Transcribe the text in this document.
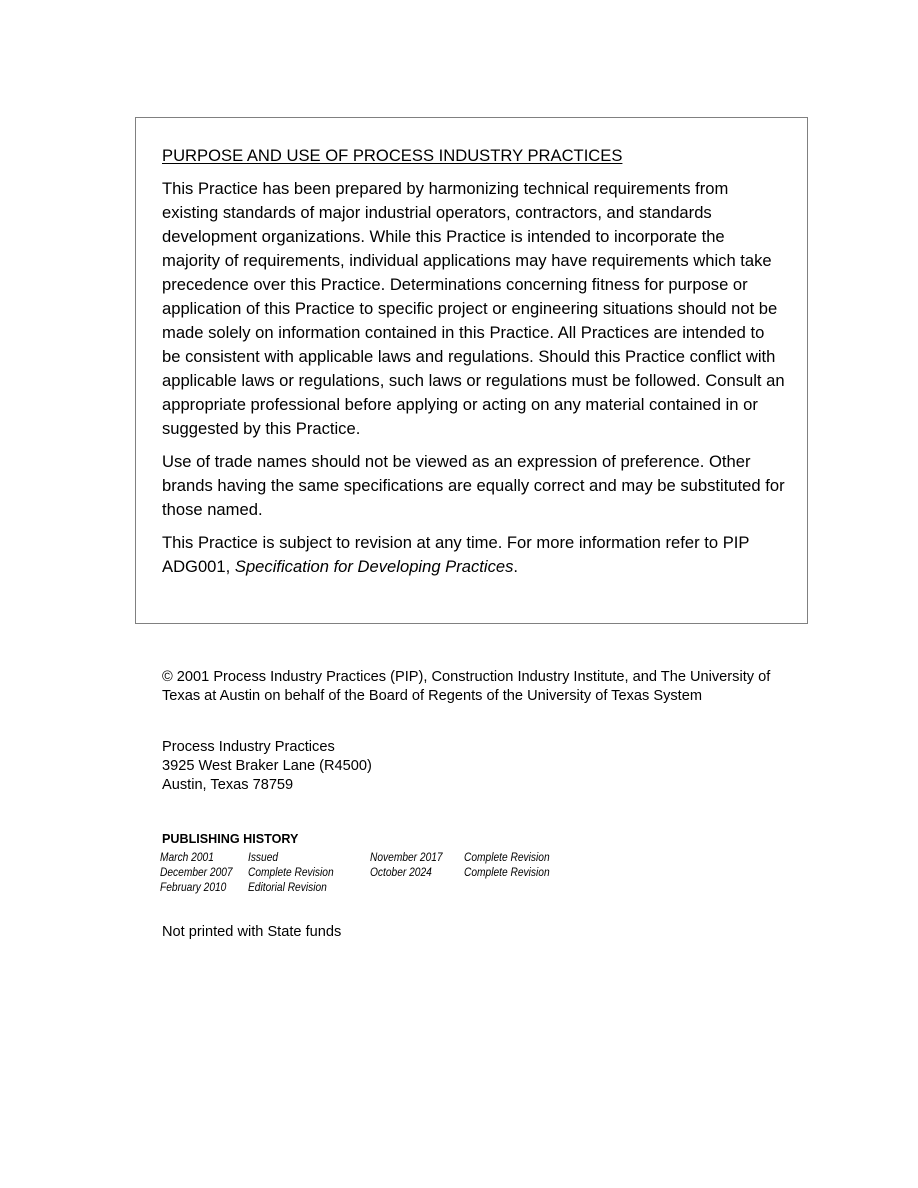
PURPOSE AND USE OF PROCESS INDUSTRY PRACTICES

This Practice has been prepared by harmonizing technical requirements from existing standards of major industrial operators, contractors, and standards development organizations. While this Practice is intended to incorporate the majority of requirements, individual applications may have requirements which take precedence over this Practice. Determinations concerning fitness for purpose or application of this Practice to specific project or engineering situations should not be made solely on information contained in this Practice. All Practices are intended to be consistent with applicable laws and regulations. Should this Practice conflict with applicable laws or regulations, such laws or regulations must be followed. Consult an appropriate professional before applying or acting on any material contained in or suggested by this Practice.

Use of trade names should not be viewed as an expression of preference. Other brands having the same specifications are equally correct and may be substituted for those named.

This Practice is subject to revision at any time. For more information refer to PIP ADG001, Specification for Developing Practices.

© 2001 Process Industry Practices (PIP), Construction Industry Institute, and The University of Texas at Austin on behalf of the Board of Regents of the University of Texas System

Process Industry Practices
3925 West Braker Lane (R4500)
Austin, Texas 78759
PUBLISHING HISTORY
March 2001	Issued
December 2007 Complete Revision
February 2010 Editorial Revision
November 2017 Complete Revision
October 2024	Complete Revision
Not printed with State funds
